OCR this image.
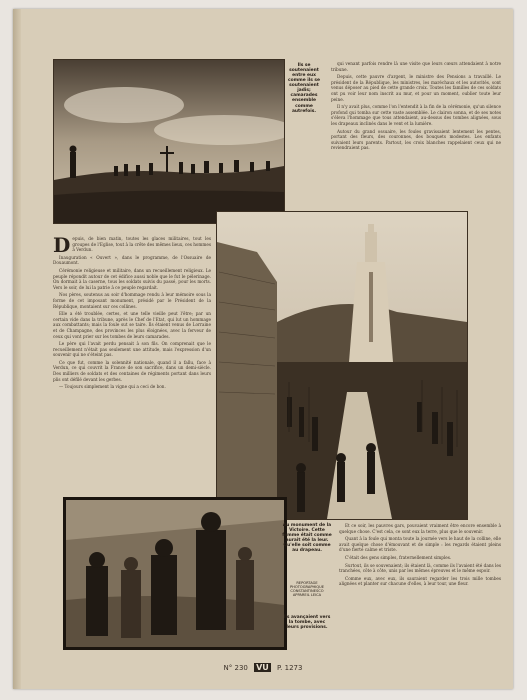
Ils se soutenaient entre eux comme ils se soutenaient jadis; camarades ensemble comme autrefois.

qui venant parfois rendre là une visite que leurs cœurs attendaient à notre tribune.

Depuis, cette pauvre d'argent, le ministre des Pensions a travaillé. Le président de la République, les ministres, les maréchaux et les autorités, sont venus déposer au pied de cette grande croix. Toutes les familles de ces soldats ont pu voir leur nom inscrit au mur, et pour un moment, oublier toute leur peine.

Il n'y avait plus, comme l'on l'entendit à la fin de la cérémonie, qu'un silence profond qui tomba sur cette vaste assemblée. Le clairon sonna, et de ses notes s'éleva l'hommage que tous attendaient, au-dessus des tombes alignées, sous les drapeaux inclinés dans le vent et la lumière.

Autour du grand ossuaire, les foules gravissaient lentement les pentes, portant des fleurs, des couronnes, des bouquets modestes. Les enfants suivaient leurs parents. Partout, les croix blanches rappelaient ceux qui ne reviendraient pas.

Depuis, de bien matin, toutes les glaces militaires, tout les groupes de l'Eglise, tout à la crête des mêmes lieux, ces hommes à Verdun.

Inauguration « Ouvert », dans le programme, de l'Ossuaire de Douaumont.

Cérémonie religieuse et militaire, dans un recueillement religieux. Le peuple répondit autour de cet édifice aussi noble que le fut le pélerinage. On dormait à la caserne, tous les soldats suivis du passé, pour les morts. Vers le soir, de lui la patrie à ce peuple regardait.

Nos pères, soutenus au soir d'hommage rendu à leur mémoire sous la forme de cet imposant monument, présidé par le Président de la République, montaient sur ces collines.

Elle a été troublée, certes, et une telle vieille peut l'être; par un certain vide dans la tribune, après le Chef de l'Etat, qui lut un hommage aux combattants; mais la foule sut se taire. Ils étaient venus de Lorraine et de Champagne, des provinces les plus éloignées, avec la ferveur de ceux qui vont prier sur les tombes de leurs camarades.

Le père qui l'avait perdu pensait à son fils. On comprenait que le recueillement n'était pas seulement une attitude, mais l'expression d'un souvenir qui ne s'éteint pas.

Ce que fut, comme la solennité nationale, quand il a fallu, face à Verdun, ce qui couvrit la France de son sacrifice, dans un demi-siècle. Des milliers de soldats et des centaines de régiments portant dans leurs plis ont défilé devant les gerbes.

— Toujours simplement la vigne qui a ceci de bon.

Au monument de la Victoire. Cette femme était comme aurait été la leur. Qu'elle soit comme au drapeau.
REPORTAGE PHOTOGRAPHIQUE CONSTANTINESCO APPAREIL LEICA
Ils avançaient vers la tombe, avec leurs provisions.

Et ce soir, les pauvres gars, pouvaient vraiment être encore ensemble à quelque chose. C'est cela, ce sont eux la terre, plus que le souvenir.

Quant à la foule qui monta toute la journée vers le haut de la colline, elle avait quelque chose d'émouvant et de simple : les regards étaient pleins d'une fierté calme et triste.

C'était des gens simples, fraternellement simples.

Surtout, ils se souvenaient; ils étaient là, comme ils l'avaient été dans les tranchées, côte à côte, unis par les mêmes épreuves et le même espoir.

Comme eux, avec eux, ils sauraient regarder les trois mille tombes alignées et planter sur chacune d'elles, à leur tour, une fleur.

N° 230 VU P. 1273
